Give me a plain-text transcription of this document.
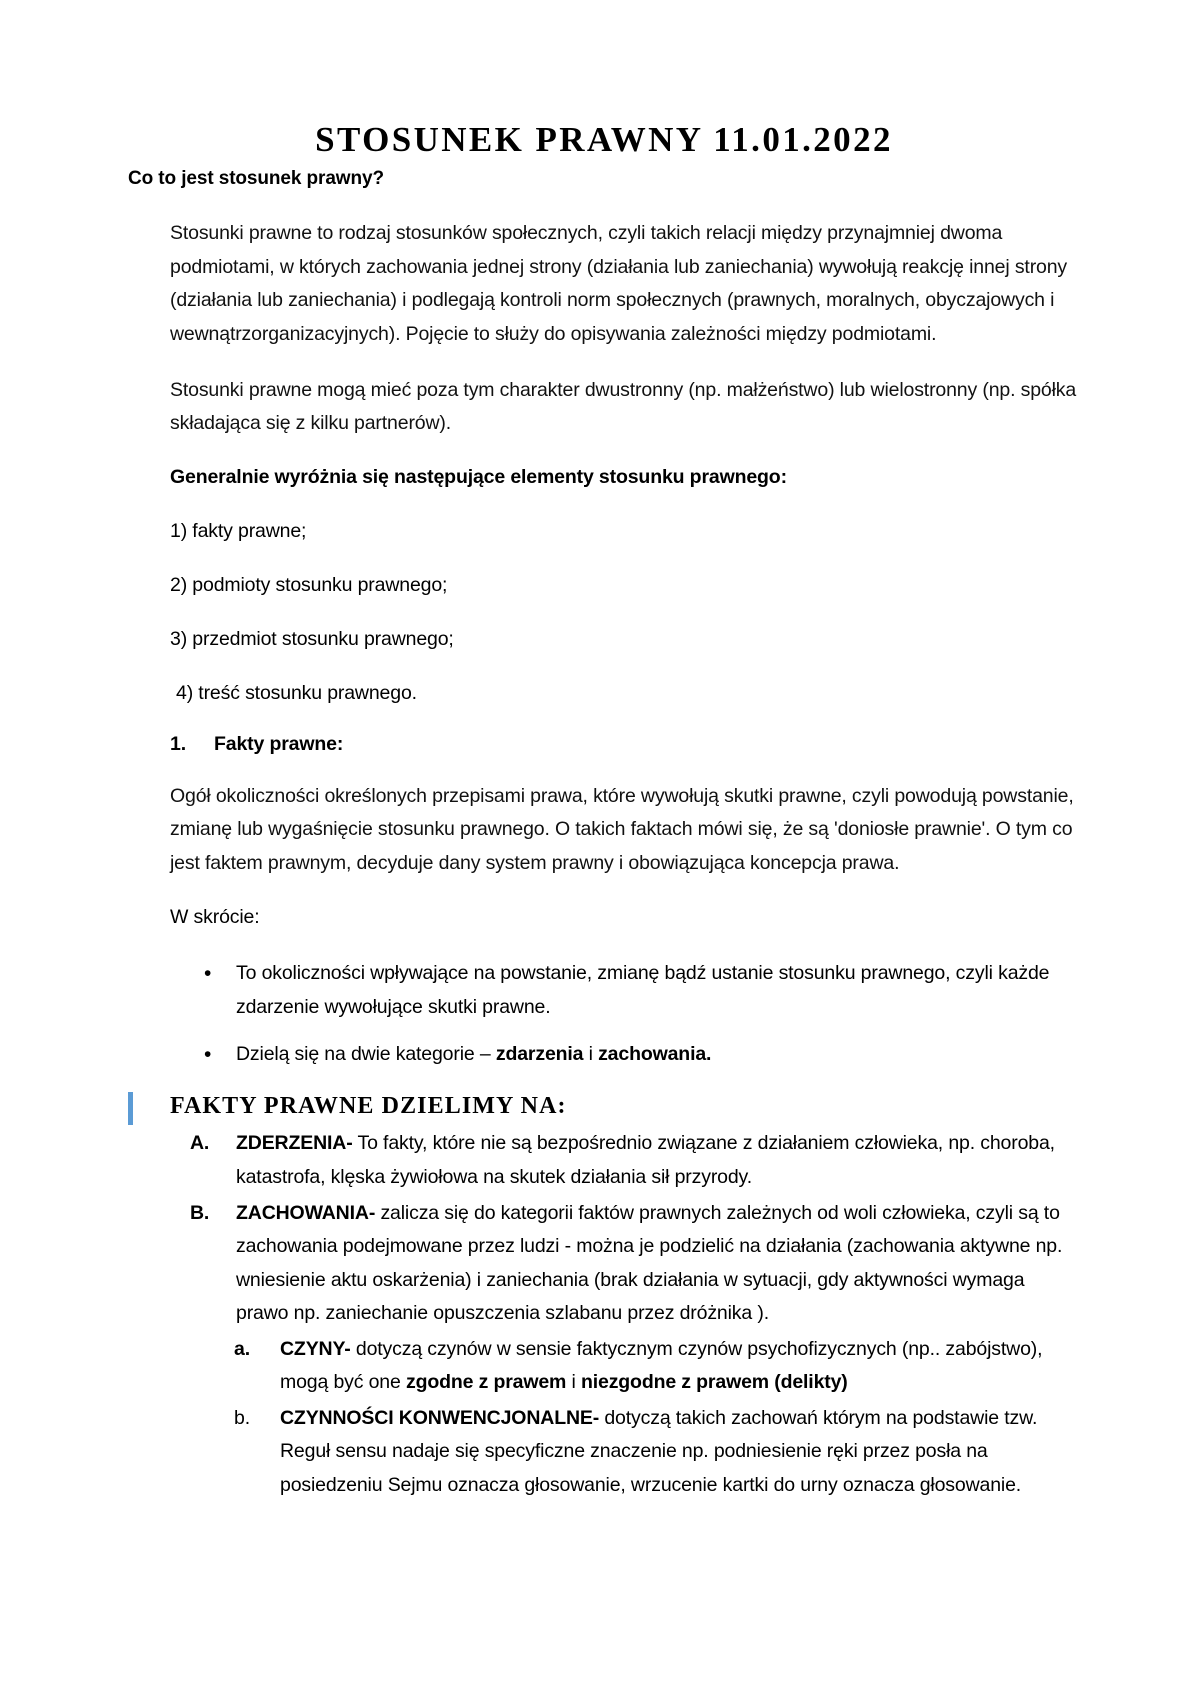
STOSUNEK PRAWNY 11.01.2022

Co to jest stosunek prawny?

Stosunki prawne to rodzaj stosunków społecznych, czyli takich relacji między przynajmniej dwoma podmiotami, w których zachowania jednej strony (działania lub zaniechania) wywołują reakcję innej strony (działania lub zaniechania) i podlegają kontroli norm społecznych (prawnych, moralnych, obyczajowych i wewnątrzorganizacyjnych). Pojęcie to służy do opisywania zależności między podmiotami.

Stosunki prawne mogą mieć poza tym charakter dwustronny (np. małżeństwo) lub wielostronny (np. spółka składająca się z kilku partnerów).

Generalnie wyróżnia się następujące elementy stosunku prawnego:

1) fakty prawne;

2) podmioty stosunku prawnego;

3) przedmiot stosunku prawnego;

4) treść stosunku prawnego.

1.	Fakty prawne:

Ogół okoliczności określonych przepisami prawa, które wywołują skutki prawne, czyli powodują powstanie, zmianę lub wygaśnięcie stosunku prawnego. O takich faktach mówi się, że są 'doniosłe prawnie'. O tym co jest faktem prawnym, decyduje dany system prawny i obowiązująca koncepcja prawa.

W skrócie:

• To okoliczności wpływające na powstanie, zmianę bądź ustanie stosunku prawnego, czyli każde zdarzenie wywołujące skutki prawne.
• Dzielą się na dwie kategorie – zdarzenia i zachowania.
FAKTY PRAWNE DZIELIMY NA:
A. ZDERZENIA- To fakty, które nie są bezpośrednio związane z działaniem człowieka, np. choroba, katastrofa, klęska żywiołowa na skutek działania sił przyrody.
B. ZACHOWANIA- zalicza się do kategorii faktów prawnych zależnych od woli człowieka, czyli są to zachowania podejmowane przez ludzi - można je podzielić na działania (zachowania aktywne np. wniesienie aktu oskarżenia) i zaniechania (brak działania w sytuacji, gdy aktywności wymaga prawo np. zaniechanie opuszczenia szlabanu przez dróżnika ).
a. CZYNY- dotyczą czynów w sensie faktycznym czynów psychofizycznych (np.. zabójstwo), mogą być one zgodne z prawem i niezgodne z prawem (delikty)
b. CZYNNOŚCI KONWENCJONALNE- dotyczą takich zachowań którym na podstawie tzw. Reguł sensu nadaje się specyficzne znaczenie np. podniesienie ręki przez posła na posiedzeniu Sejmu oznacza głosowanie, wrzucenie kartki do urny oznacza głosowanie.
